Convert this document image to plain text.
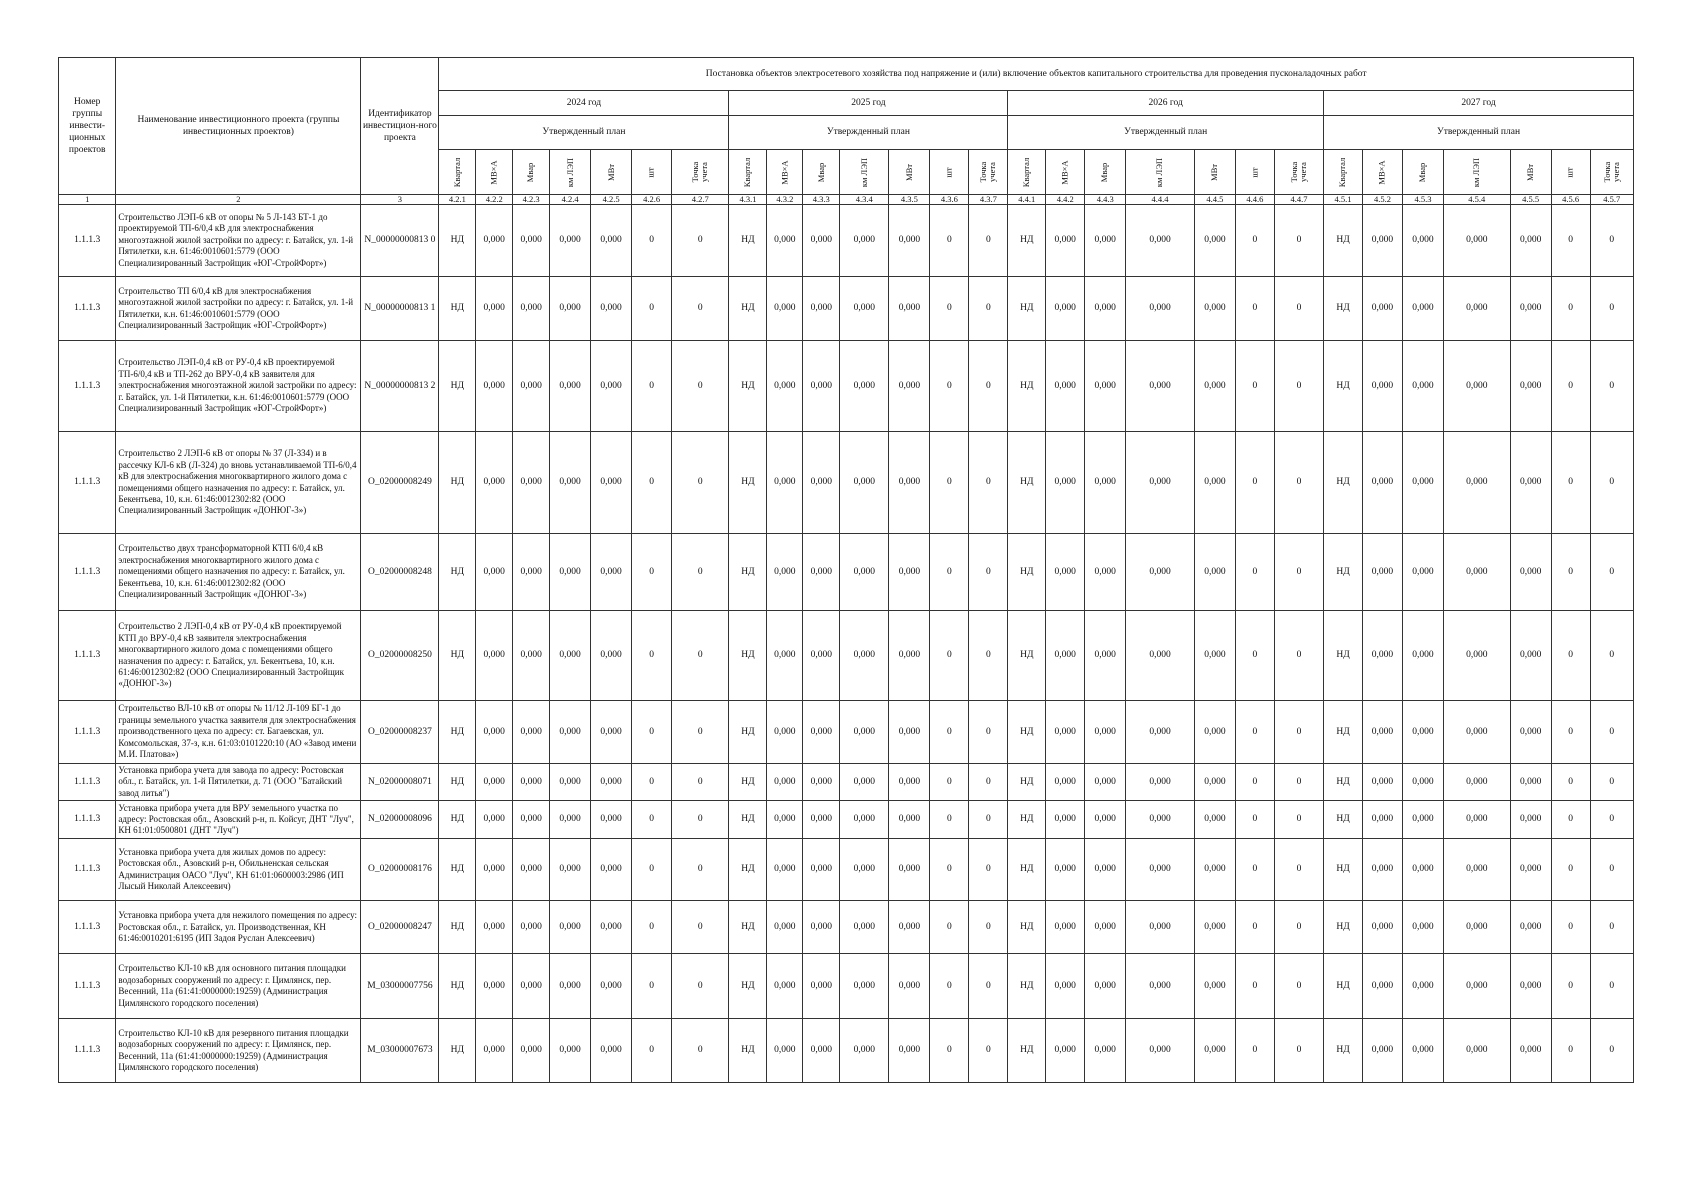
Номер группы инвести-ционных проектов	Наименование инвестиционного проекта (группы инвестиционных проектов)	Идентификатор инвестицион-ного проекта	Постановка объектов электросетевого хозяйства под напряжение и (или) включение объектов капитального строительства для проведения пусконаладочных работ																											
			2024 год							2025 год							2026 год							2027 год						
			Утвержденный план							Утвержденный план							Утвержденный план							Утвержденный план						
			Квартал	МВ×А	Мвар	км ЛЭП	МВт	шт	Точка учета	Квартал	МВ×А	Мвар	км ЛЭП	МВт	шт	Точка учета	Квартал	МВ×А	Мвар	км ЛЭП	МВт	шт	Точка учета	Квартал	МВ×А	Мвар	км ЛЭП	МВт	шт	Точка учета
1	2	3	4.2.1	4.2.2	4.2.3	4.2.4	4.2.5	4.2.6	4.2.7	4.3.1	4.3.2	4.3.3	4.3.4	4.3.5	4.3.6	4.3.7	4.4.1	4.4.2	4.4.3	4.4.4	4.4.5	4.4.6	4.4.7	4.5.1	4.5.2	4.5.3	4.5.4	4.5.5	4.5.6	4.5.7
1.1.1.3	Строительство ЛЭП-6 кВ от опоры № 5 Л-143 БТ-1 до проектируемой ТП-6/0,4 кВ для электроснабжения многоэтажной жилой застройки по адресу: г. Батайск, ул. 1-й Пятилетки, к.н. 61:46:0010601:5779 (ООО Специализированный Застройщик «ЮГ-СтройФорт»)	N_00000000813 0	НД	0,000	0,000	0,000	0,000	0	0	НД	0,000	0,000	0,000	0,000	0	0	НД	0,000	0,000	0,000	0,000	0	0	НД	0,000	0,000	0,000	0,000	0	0
1.1.1.3	Строительство ТП 6/0,4 кВ для электроснабжения многоэтажной жилой застройки по адресу: г. Батайск, ул. 1-й Пятилетки, к.н. 61:46:0010601:5779 (ООО Специализированный Застройщик «ЮГ-СтройФорт»)	N_00000000813 1	НД	0,000	0,000	0,000	0,000	0	0	НД	0,000	0,000	0,000	0,000	0	0	НД	0,000	0,000	0,000	0,000	0	0	НД	0,000	0,000	0,000	0,000	0	0
1.1.1.3	Строительство ЛЭП-0,4 кВ от РУ-0,4 кВ проектируемой ТП-6/0,4 кВ и ТП-262 до ВРУ-0,4 кВ заявителя для электроснабжения многоэтажной жилой застройки по адресу: г. Батайск, ул. 1-й Пятилетки, к.н. 61:46:0010601:5779 (ООО Специализированный Застройщик «ЮГ-СтройФорт»)	N_00000000813 2	НД	0,000	0,000	0,000	0,000	0	0	НД	0,000	0,000	0,000	0,000	0	0	НД	0,000	0,000	0,000	0,000	0	0	НД	0,000	0,000	0,000	0,000	0	0
1.1.1.3	Строительство 2 ЛЭП-6 кВ от опоры № 37 (Л-334) и в рассечку КЛ-6 кВ (Л-324) до вновь устанавливаемой ТП-6/0,4 кВ для электроснабжения многоквартирного жилого дома с помещениями общего назначения по адресу: г. Батайск, ул. Бекентьева, 10, к.н. 61:46:0012302:82 (ООО Специализированный Застройщик «ДОНЮГ-3»)	O_02000008249	НД	0,000	0,000	0,000	0,000	0	0	НД	0,000	0,000	0,000	0,000	0	0	НД	0,000	0,000	0,000	0,000	0	0	НД	0,000	0,000	0,000	0,000	0	0
1.1.1.3	Строительство двух трансформаторной КТП 6/0,4 кВ электроснабжения многоквартирного жилого дома с помещениями общего назначения по адресу: г. Батайск, ул. Бекентьева, 10, к.н. 61:46:0012302:82 (ООО Специализированный Застройщик «ДОНЮГ-3»)	O_02000008248	НД	0,000	0,000	0,000	0,000	0	0	НД	0,000	0,000	0,000	0,000	0	0	НД	0,000	0,000	0,000	0,000	0	0	НД	0,000	0,000	0,000	0,000	0	0
1.1.1.3	Строительство 2 ЛЭП-0,4 кВ от РУ-0,4 кВ проектируемой КТП до ВРУ-0,4 кВ заявителя электроснабжения многоквартирного жилого дома с помещениями общего назначения по адресу: г. Батайск, ул. Бекентьева, 10, к.н. 61:46:0012302:82 (ООО Специализированный Застройщик «ДОНЮГ-3»)	O_02000008250	НД	0,000	0,000	0,000	0,000	0	0	НД	0,000	0,000	0,000	0,000	0	0	НД	0,000	0,000	0,000	0,000	0	0	НД	0,000	0,000	0,000	0,000	0	0
1.1.1.3	Строительство ВЛ-10 кВ от опоры № 11/12 Л-109 БГ-1 до границы земельного участка заявителя для электроснабжения производственного цеха по адресу: ст. Багаевская, ул. Комсомольская, 37-з, к.н. 61:03:0101220:10 (АО «Завод имени М.И. Платова»)	O_02000008237	НД	0,000	0,000	0,000	0,000	0	0	НД	0,000	0,000	0,000	0,000	0	0	НД	0,000	0,000	0,000	0,000	0	0	НД	0,000	0,000	0,000	0,000	0	0
1.1.1.3	Установка прибора учета для завода по адресу: Ростовская обл., г. Батайск, ул. 1-й Пятилетки, д. 71 (ООО "Батайский завод литья")	N_02000008071	НД	0,000	0,000	0,000	0,000	0	0	НД	0,000	0,000	0,000	0,000	0	0	НД	0,000	0,000	0,000	0,000	0	0	НД	0,000	0,000	0,000	0,000	0	0
1.1.1.3	Установка прибора учета для ВРУ земельного участка по адресу: Ростовская обл., Азовский р-н, п. Койсуг, ДНТ "Луч", КН 61:01:0500801 (ДНТ "Луч")	N_02000008096	НД	0,000	0,000	0,000	0,000	0	0	НД	0,000	0,000	0,000	0,000	0	0	НД	0,000	0,000	0,000	0,000	0	0	НД	0,000	0,000	0,000	0,000	0	0
1.1.1.3	Установка прибора учета для жилых домов по адресу: Ростовская обл., Азовский р-н, Обильненская сельская Администрация ОАСО "Луч", КН 61:01:0600003:2986 (ИП Лысый Николай Алексеевич)	O_02000008176	НД	0,000	0,000	0,000	0,000	0	0	НД	0,000	0,000	0,000	0,000	0	0	НД	0,000	0,000	0,000	0,000	0	0	НД	0,000	0,000	0,000	0,000	0	0
1.1.1.3	Установка прибора учета для нежилого помещения по адресу: Ростовская обл., г. Батайск, ул. Производственная, КН 61:46:0010201:6195 (ИП Задоя Руслан Алексеевич)	O_02000008247	НД	0,000	0,000	0,000	0,000	0	0	НД	0,000	0,000	0,000	0,000	0	0	НД	0,000	0,000	0,000	0,000	0	0	НД	0,000	0,000	0,000	0,000	0	0
1.1.1.3	Строительство КЛ-10 кВ для основного питания площадки водозаборных сооружений по адресу: г. Цимлянск, пер. Весенний, 11а (61:41:0000000:19259) (Администрация Цимлянского городского поселения)	M_03000007756	НД	0,000	0,000	0,000	0,000	0	0	НД	0,000	0,000	0,000	0,000	0	0	НД	0,000	0,000	0,000	0,000	0	0	НД	0,000	0,000	0,000	0,000	0	0
1.1.1.3	Строительство КЛ-10 кВ для резервного питания площадки водозаборных сооружений по адресу: г. Цимлянск, пер. Весенний, 11а (61:41:0000000:19259) (Администрация Цимлянского городского поселения)	M_03000007673	НД	0,000	0,000	0,000	0,000	0	0	НД	0,000	0,000	0,000	0,000	0	0	НД	0,000	0,000	0,000	0,000	0	0	НД	0,000	0,000	0,000	0,000	0	0
